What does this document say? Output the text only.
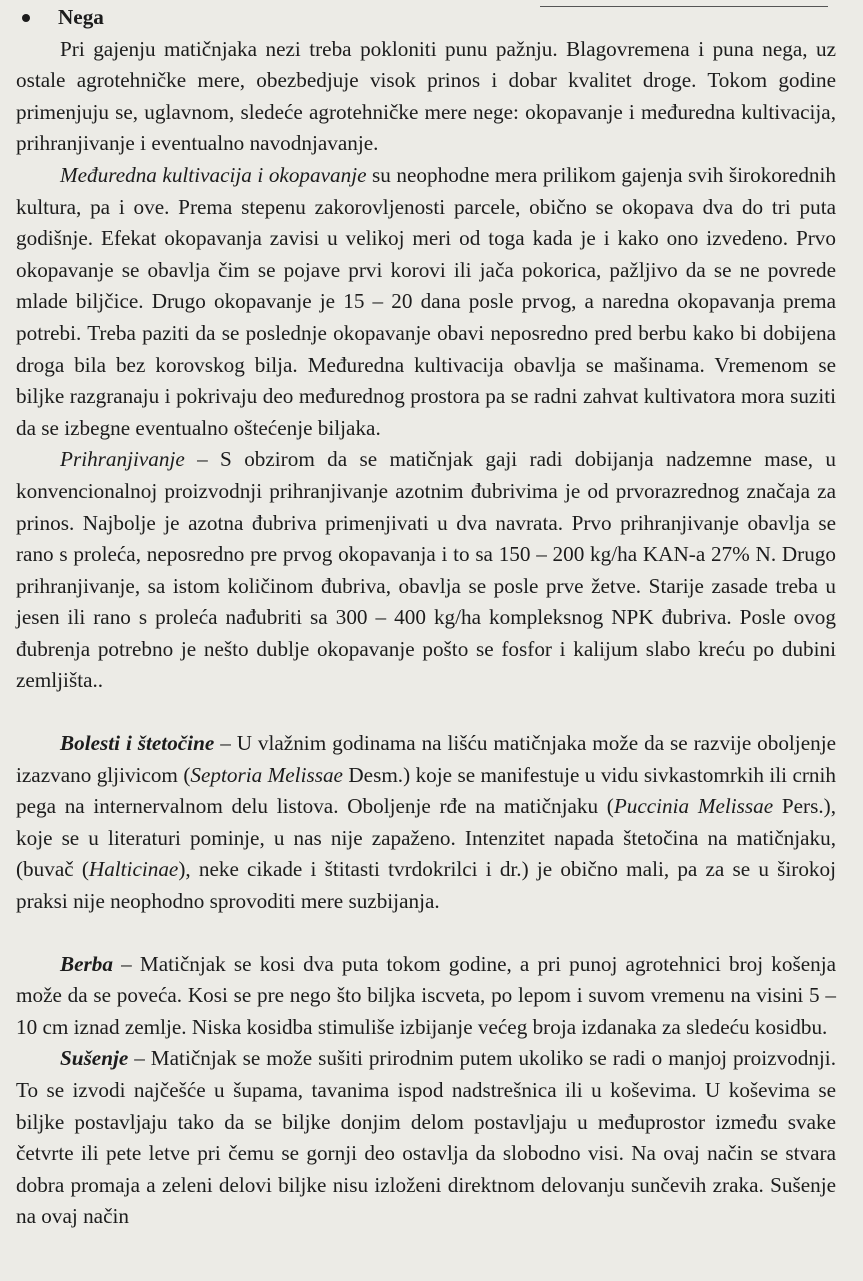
Nega

Pri gajenju matičnjaka nezi treba pokloniti punu pažnju. Blagovremena i puna nega, uz ostale agrotehničke mere, obezbedjuje visok prinos i dobar kvalitet droge. Tokom godine primenjuju se, uglavnom, sledeće agrotehničke mere nege: okopavanje i međuredna kultivacija, prihranjivanje i eventualno navodnjavanje.

Međuredna kultivacija i okopavanje su neophodne mera prilikom gajenja svih širokorednih kultura, pa i ove. Prema stepenu zakorovljenosti parcele, obično se okopava dva do tri puta godišnje. Efekat okopavanja zavisi u velikoj meri od toga kada je i kako ono izvedeno. Prvo okopavanje se obavlja čim se pojave prvi korovi ili jača pokorica, pažljivo da se ne povrede mlade biljčice. Drugo okopavanje je 15 – 20 dana posle prvog, a naredna okopavanja prema potrebi. Treba paziti da se poslednje okopavanje obavi neposredno pred berbu kako bi dobijena droga bila bez korovskog bilja. Međuredna kultivacija obavlja se mašinama. Vremenom se biljke razgranaju i pokrivaju deo međurednog prostora pa se radni zahvat kultivatora mora suziti da se izbegne eventualno oštećenje biljaka.

Prihranjivanje – S obzirom da se matičnjak gaji radi dobijanja nadzemne mase, u konvencionalnoj proizvodnji prihranjivanje azotnim đubrivima je od prvorazrednog značaja za prinos. Najbolje je azotna đubriva primenjivati u dva navrata. Prvo prihranjivanje obavlja se rano s proleća, neposredno pre prvog okopavanja i to sa 150 – 200 kg/ha KAN-a 27% N. Drugo prihranjivanje, sa istom količinom đubriva, obavlja se posle prve žetve. Starije zasade treba u jesen ili rano s proleća nađubriti sa 300 – 400 kg/ha kompleksnog NPK đubriva. Posle ovog đubrenja potrebno je nešto dublje okopavanje pošto se fosfor i kalijum slabo kreću po dubini zemljišta..

Bolesti i štetočine – U vlažnim godinama na lišću matičnjaka može da se razvije oboljenje izazvano gljivicom (Septoria Melissae Desm.) koje se manifestuje u vidu sivkastomrkih ili crnih pega na internervalnom delu listova. Oboljenje rđe na matičnjaku (Puccinia Melissae Pers.), koje se u literaturi pominje, u nas nije zapaženo. Intenzitet napada štetočina na matičnjaku, (buvač (Halticinae), neke cikade i štitasti tvrdokrilci i dr.) je obično mali, pa za se u širokoj praksi nije neophodno sprovoditi mere suzbijanja.

Berba – Matičnjak se kosi dva puta tokom godine, a pri punoj agrotehnici broj košenja može da se poveća. Kosi se pre nego što biljka iscveta, po lepom i suvom vremenu na visini 5 – 10 cm iznad zemlje. Niska kosidba stimuliše izbijanje većeg broja izdanaka za sledeću kosidbu.

Sušenje – Matičnjak se može sušiti prirodnim putem ukoliko se radi o manjoj proizvodnji. To se izvodi najčešće u šupama, tavanima ispod nadstrešnica ili u koševima. U koševima se biljke postavljaju tako da se biljke donjim delom postavljaju u međuprostor između svake četvrte ili pete letve pri čemu se gornji deo ostavlja da slobodno visi. Na ovaj način se stvara dobra promaja a zeleni delovi biljke nisu izloženi direktnom delovanju sunčevih zraka. Sušenje na ovaj način
